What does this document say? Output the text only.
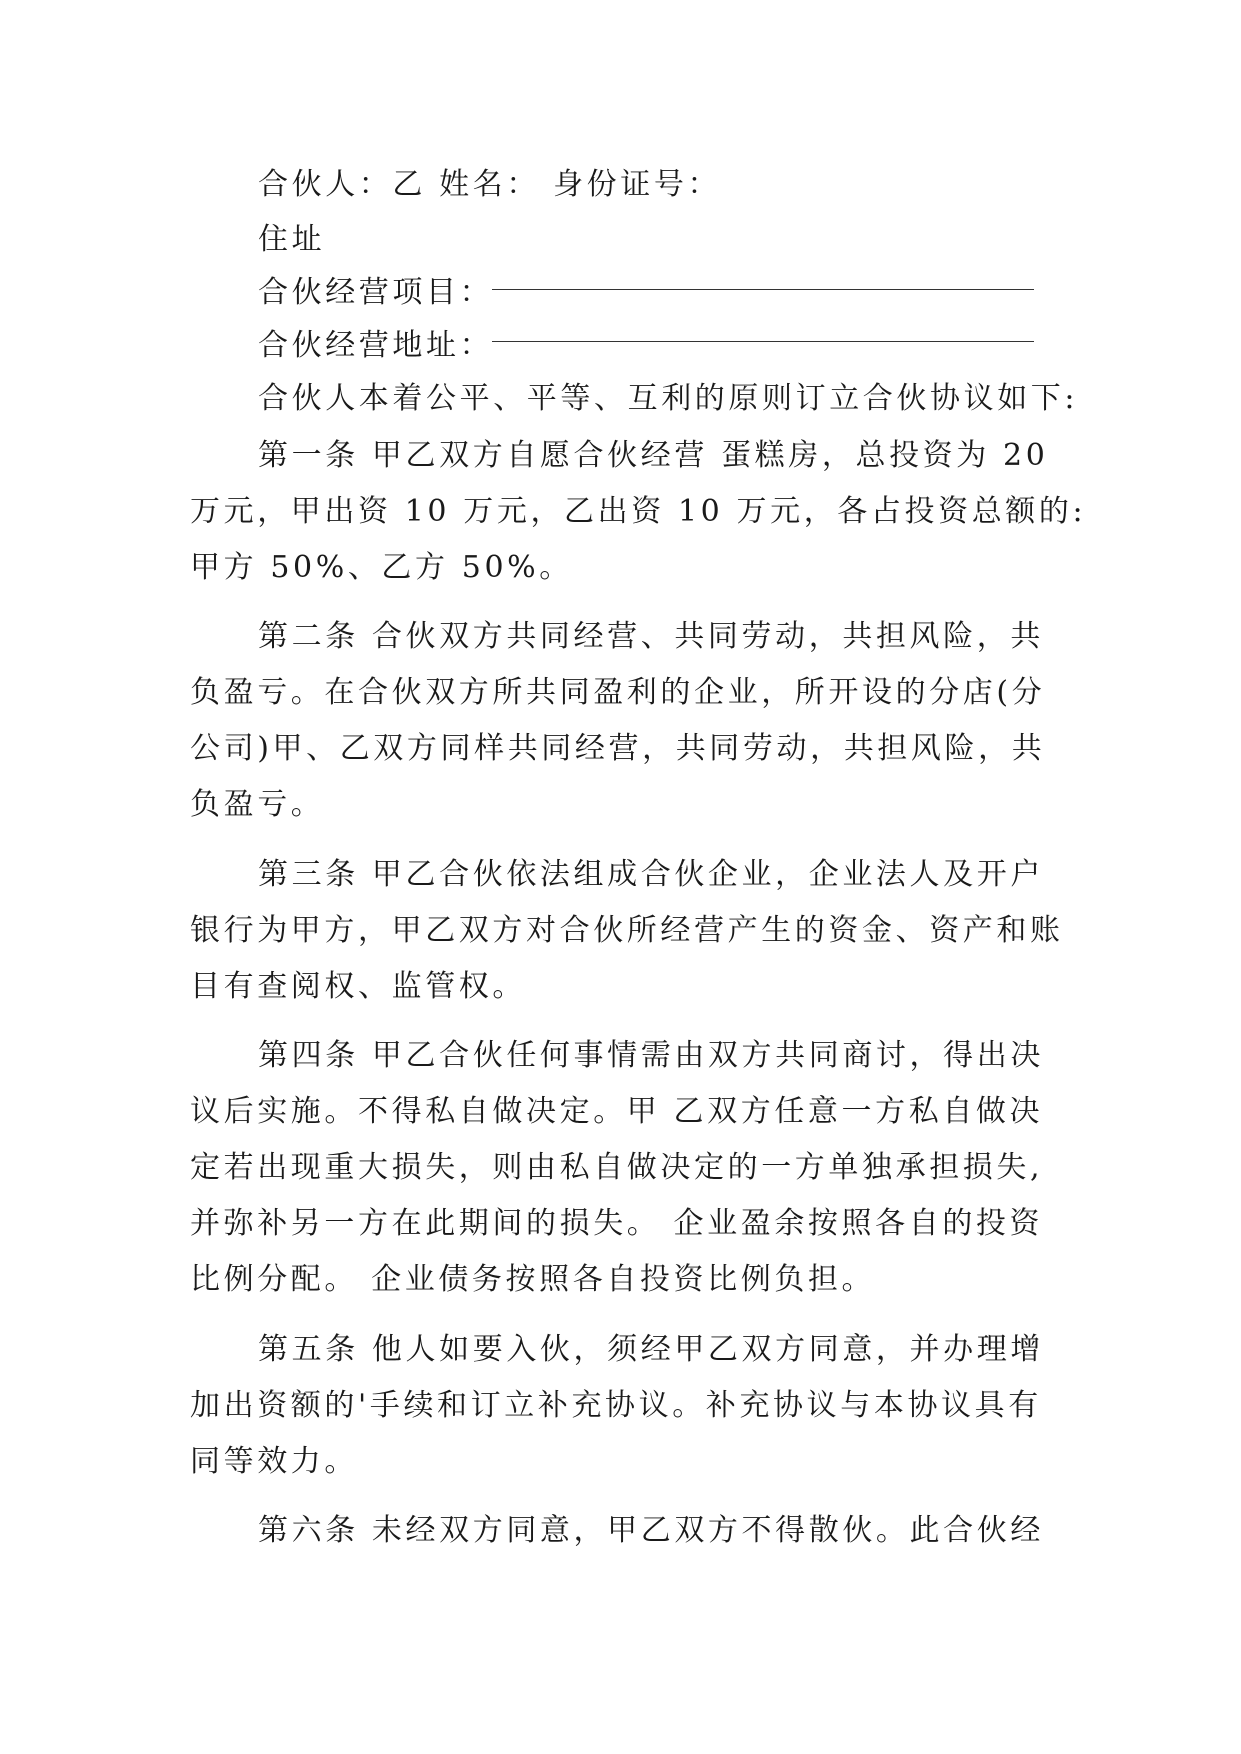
合伙人：乙 姓名： 身份证号：
住址
合伙经营项目：
合伙经营地址：
合伙人本着公平、平等、互利的原则订立合伙协议如下:
第一条 甲乙双方自愿合伙经营 蛋糕房，总投资为 20
万元，甲出资 10 万元，乙出资 10 万元，各占投资总额的:
甲方 50%、乙方 50%。
第二条 合伙双方共同经营、共同劳动，共担风险，共
负盈亏。在合伙双方所共同盈利的企业，所开设的分店(分
公司)甲、乙双方同样共同经营，共同劳动，共担风险，共
负盈亏。
第三条 甲乙合伙依法组成合伙企业，企业法人及开户
银行为甲方，甲乙双方对合伙所经营产生的资金、资产和账
目有查阅权、监管权。
第四条 甲乙合伙任何事情需由双方共同商讨，得出决
议后实施。不得私自做决定。甲 乙双方任意一方私自做决
定若出现重大损失，则由私自做决定的一方单独承担损失,
并弥补另一方在此期间的损失。 企业盈余按照各自的投资
比例分配。 企业债务按照各自投资比例负担。
第五条 他人如要入伙，须经甲乙双方同意，并办理增
加出资额的'手续和订立补充协议。补充协议与本协议具有
同等效力。
第六条 未经双方同意，甲乙双方不得散伙。此合伙经
